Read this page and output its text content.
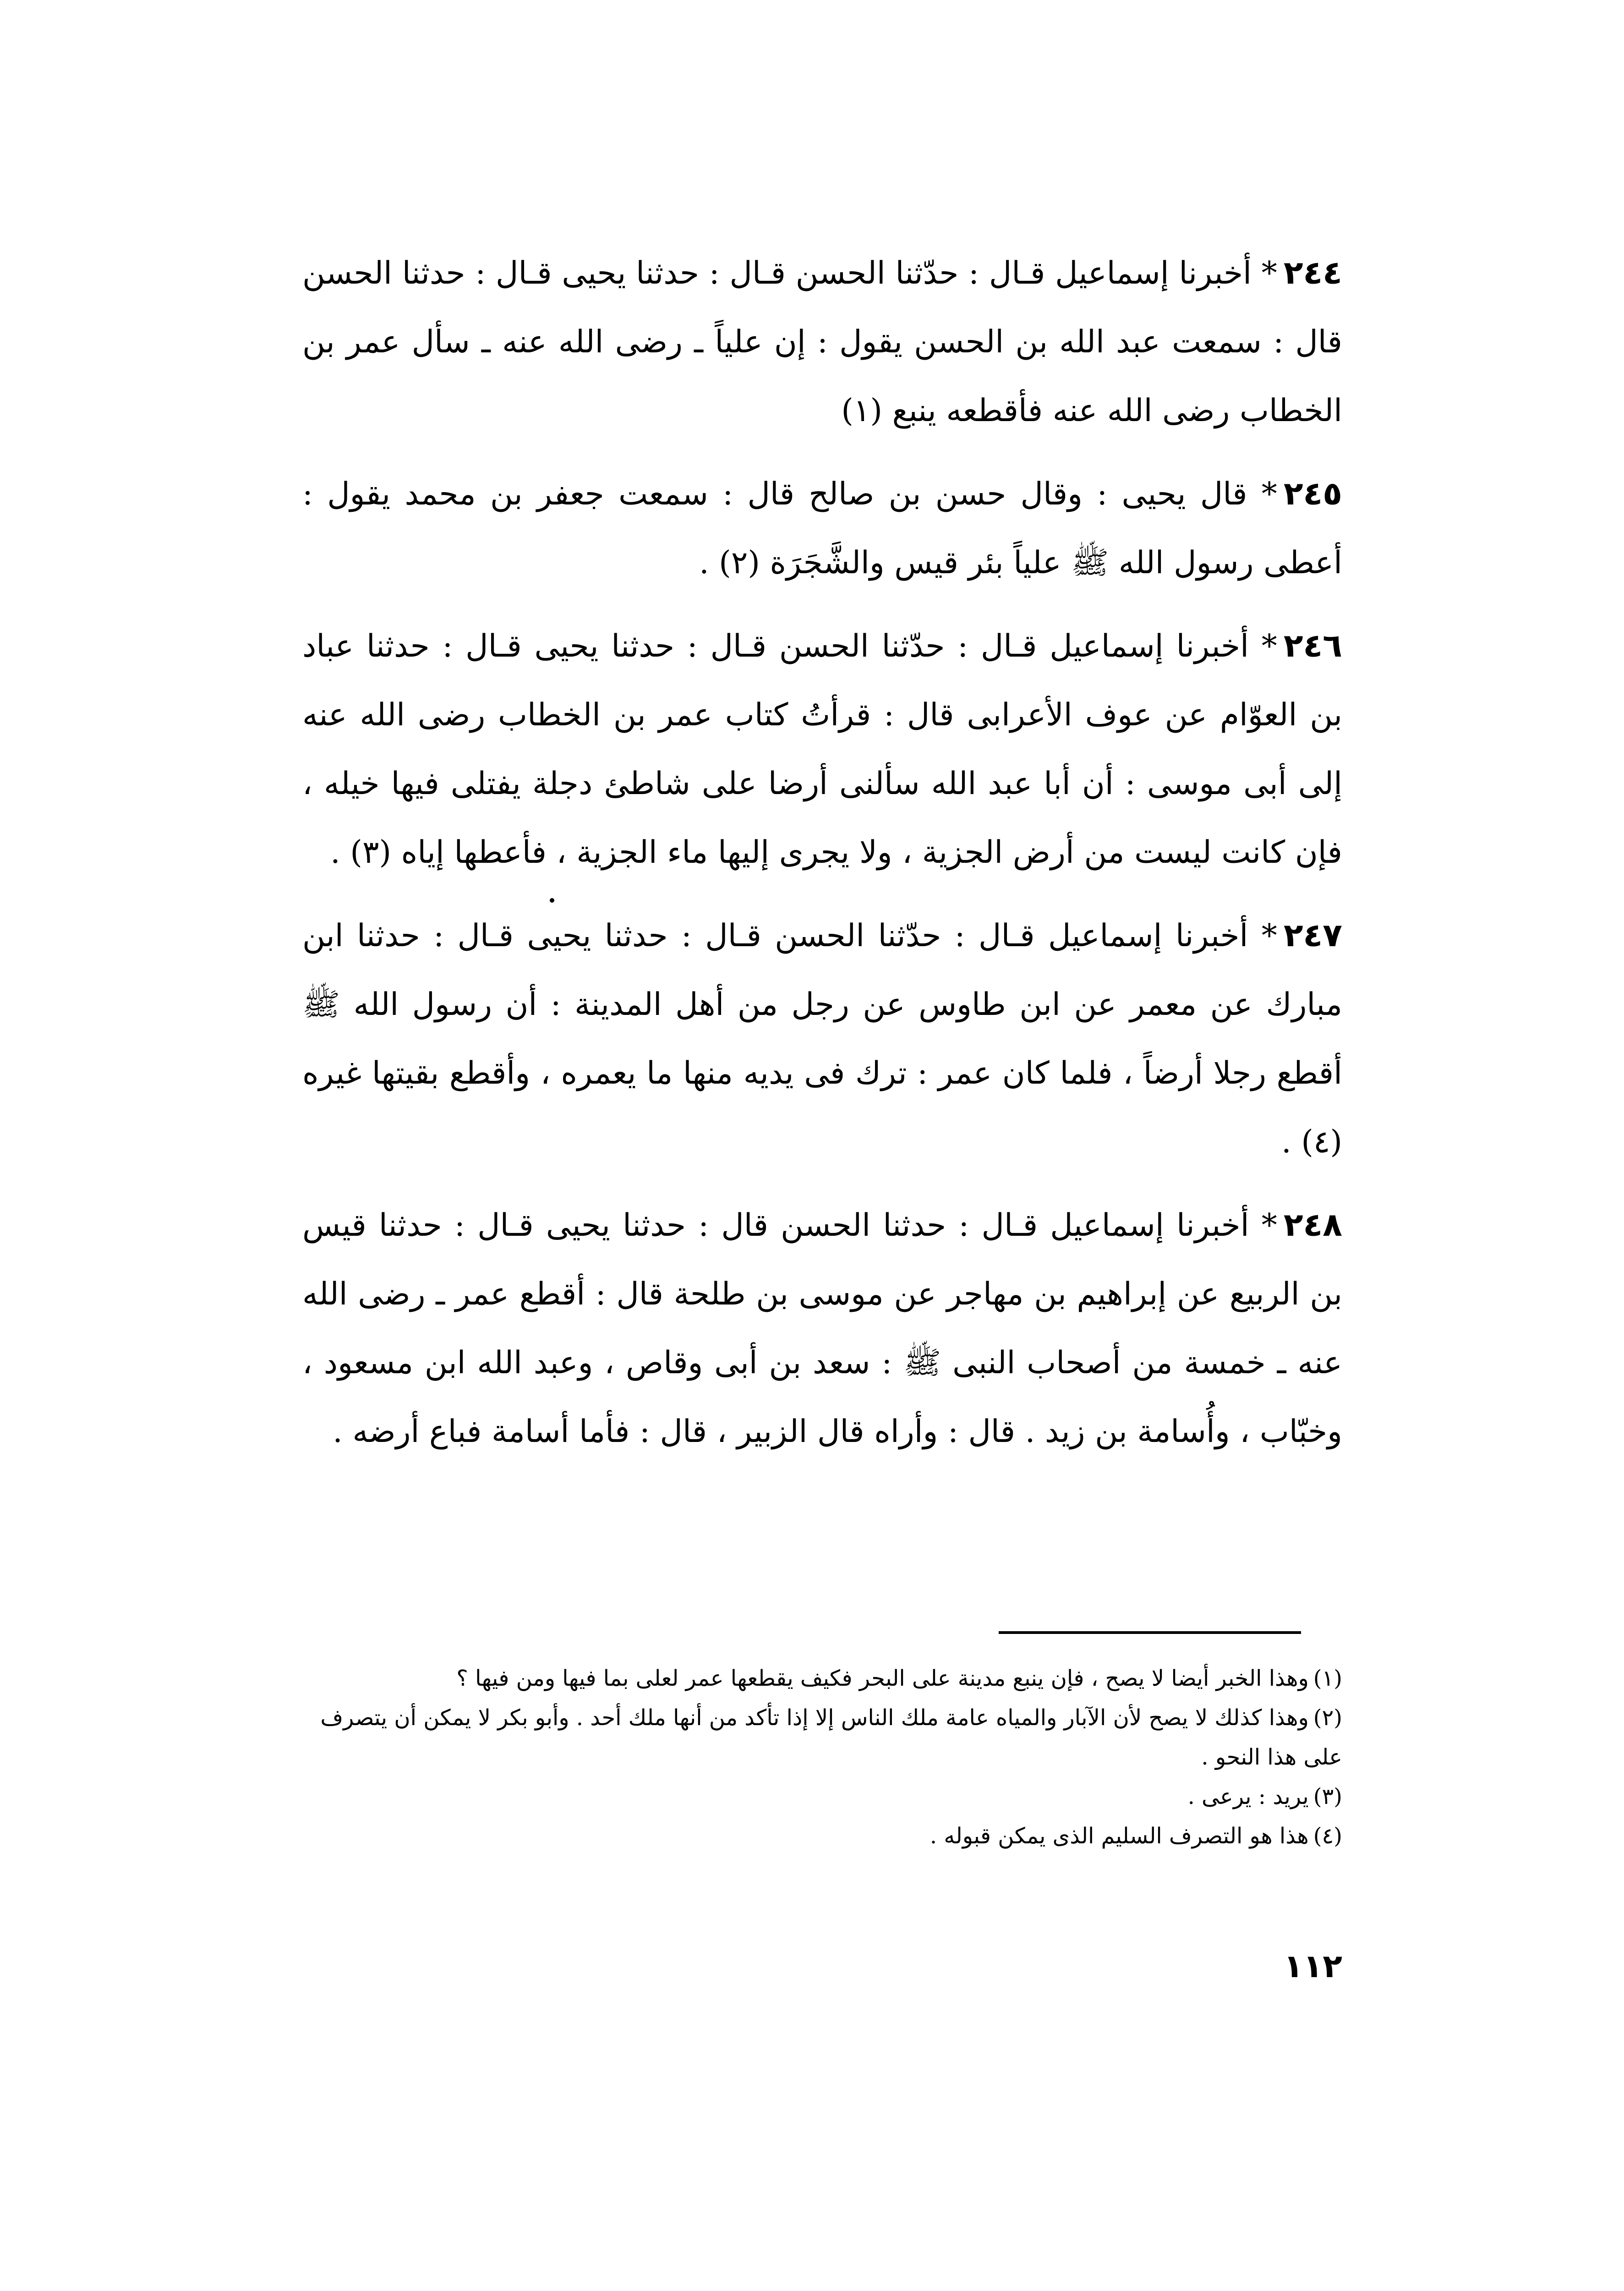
٢٤٤* أخبرنا إسماعيل قـال : حدّثنا الحسن قـال : حدثنا يحيى قـال : حدثنا الحسن قال : سمعت عبد الله بن الحسن يقول : إن علياً ـ رضى الله عنه ـ سأل عمر بن الخطاب رضى الله عنه فأقطعه ينبع (١)

٢٤٥* قال يحيى : وقال حسن بن صالح قال : سمعت جعفر بن محمد يقول : أعطى رسول الله ﷺ علياً بئر قيس والشَّجَرَة (٢) .

٢٤٦* أخبرنا إسماعيل قـال : حدّثنا الحسن قـال : حدثنا يحيى قـال : حدثنا عباد بن العوّام عن عوف الأعرابى قال : قرأتُ كتاب عمر بن الخطاب رضى الله عنه إلى أبى موسى : أن أبا عبد الله سألنى أرضا على شاطئ دجلة يفتلى فيها خيله ، فإن كانت ليست من أرض الجزية ، ولا يجرى إليها ماء الجزية ، فأعطها إياه (٣) .

٢٤٧* أخبرنا إسماعيل قـال : حدّثنا الحسن قـال : حدثنا يحيى قـال : حدثنا ابن مبارك عن معمر عن ابن طاوس عن رجل من أهل المدينة : أن رسول الله ﷺ أقطع رجلا أرضاً ، فلما كان عمر : ترك فى يديه منها ما يعمره ، وأقطع بقيتها غيره (٤) .

٢٤٨* أخبرنا إسماعيل قـال : حدثنا الحسن قال : حدثنا يحيى قـال : حدثنا قيس بن الربيع عن إبراهيم بن مهاجر عن موسى بن طلحة قال : أقطع عمر ـ رضى الله عنه ـ خمسة من أصحاب النبى ﷺ : سعد بن أبى وقاص ، وعبد الله ابن مسعود ، وخبّاب ، وأُسامة بن زيد . قال : وأراه قال الزبير ، قال : فأما أسامة فباع أرضه .

(١)وهذا الخبر أيضا لا يصح ، فإن ينبع مدينة على البحر فكيف يقطعها عمر لعلى بما فيها ومن فيها ؟

(٢)وهذا كذلك لا يصح لأن الآبار والمياه عامة ملك الناس إلا إذا تأكد من أنها ملك أحد . وأبو بكر لا يمكن أن يتصرف على هذا النحو .

(٣)يريد : يرعى .

(٤)هذا هو التصرف السليم الذى يمكن قبوله .

١١٢
